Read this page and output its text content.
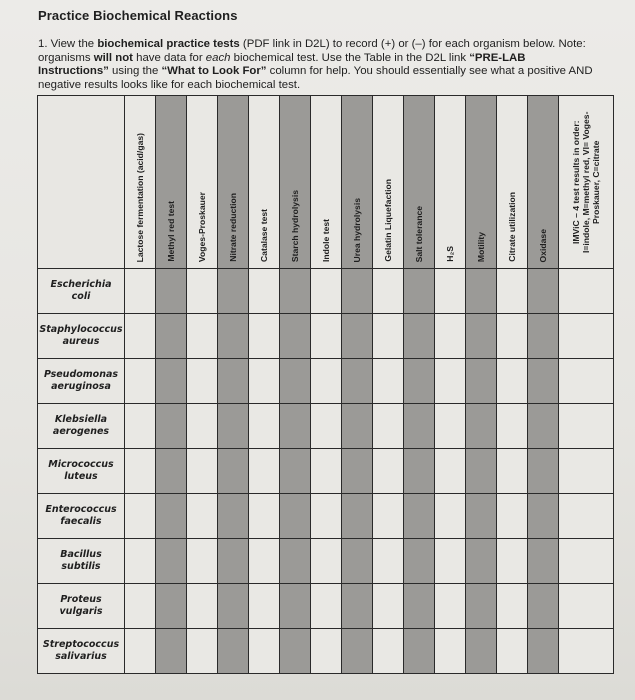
Practice Biochemical Reactions
1. View the biochemical practice tests (PDF link in D2L) to record (+) or (–) for each organism below. Note: organisms will not have data for each biochemical test. Use the Table in the D2L link “PRE-LAB Instructions” using the “What to Look For” column for help. You should essentially see what a positive AND negative results looks like for each biochemical test.

	Lactose fermentation (acid/gas)	Methyl red test	Voges-Proskauer	Nitrate reduction	Catalase test	Starch hydrolysis	Indole test	Urea hydrolysis	Gelatin Liquefaction	Salt tolerance	H₂S	Motility	Citrate utilization	Oxidase	IMViC – 4 test results in order: I=indole, M=methyl red, VI= Voges-Proskauer, C=citrate

Escherichia
coli															

Staphylococcus
aureus															

Pseudomonas
aeruginosa															

Klebsiella
aerogenes															

Micrococcus
luteus															

Enterococcus
faecalis															

Bacillus
subtilis															

Proteus
vulgaris															

Streptococcus
salivarius															
